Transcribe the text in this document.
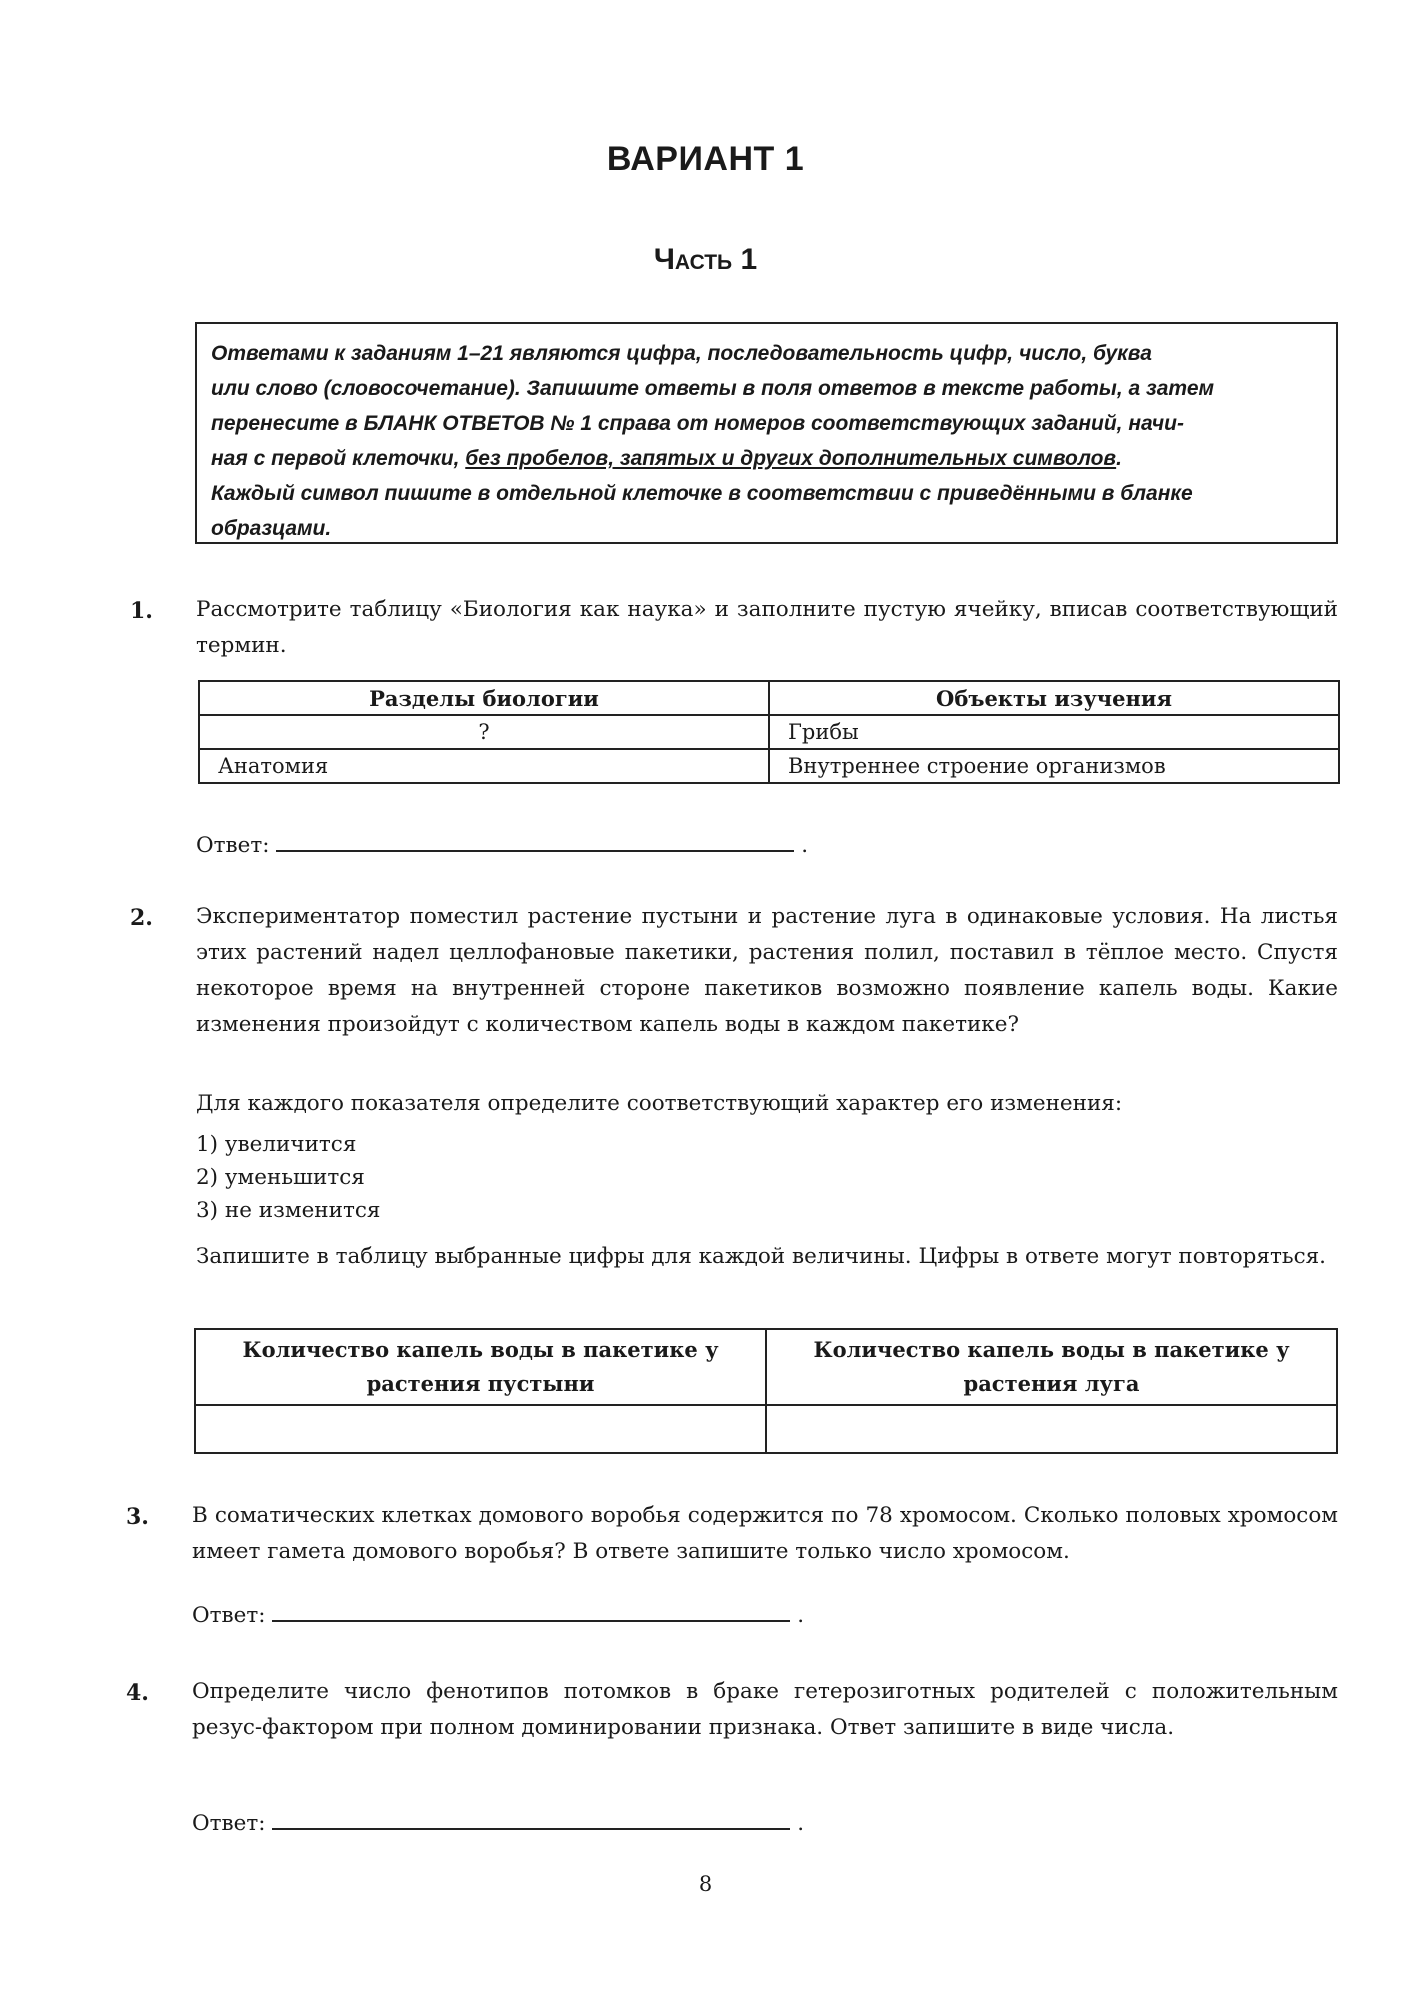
ВАРИАНТ 1
Часть 1
Ответами к заданиям 1–21 являются цифра, последовательность цифр, число, буква
или слово (словосочетание). Запишите ответы в поля ответов в тексте работы, а затем
перенесите в БЛАНК ОТВЕТОВ № 1 справа от номеров соответствующих заданий, начи-
ная с первой клеточки, без пробелов, запятых и других дополнительных символов.
Каждый символ пишите в отдельной клеточке в соответствии с приведёнными в бланке
образцами.
1. Рассмотрите таблицу «Биология как наука» и заполните пустую ячейку, вписав соответствующий термин.
Разделы биологии	Объекты изучения
?	Грибы
Анатомия	Внутреннее строение организмов
Ответ:	.
2. Экспериментатор поместил растение пустыни и растение луга в одинаковые условия. На листья этих растений надел целлофановые пакетики, растения полил, поставил в тёплое место. Спустя некоторое время на внутренней стороне пакетиков возможно появление капель воды. Какие изменения произойдут с количеством капель воды в каждом пакетике?
Для каждого показателя определите соответствующий характер его изменения:
1) увеличится
2) уменьшится
3) не изменится
Запишите в таблицу выбранные цифры для каждой величины. Цифры в ответе могут повторяться.
Количество капель воды в пакетике у растения пустыни	Количество капель воды в пакетике у растения луга

3. В соматических клетках домового воробья содержится по 78 хромосом. Сколько половых хромосом имеет гамета домового воробья? В ответе запишите только число хромосом.
Ответ:	.
4. Определите число фенотипов потомков в браке гетерозиготных родителей с положительным резус-фактором при полном доминировании признака. Ответ запишите в виде числа.
Ответ:	.
8
